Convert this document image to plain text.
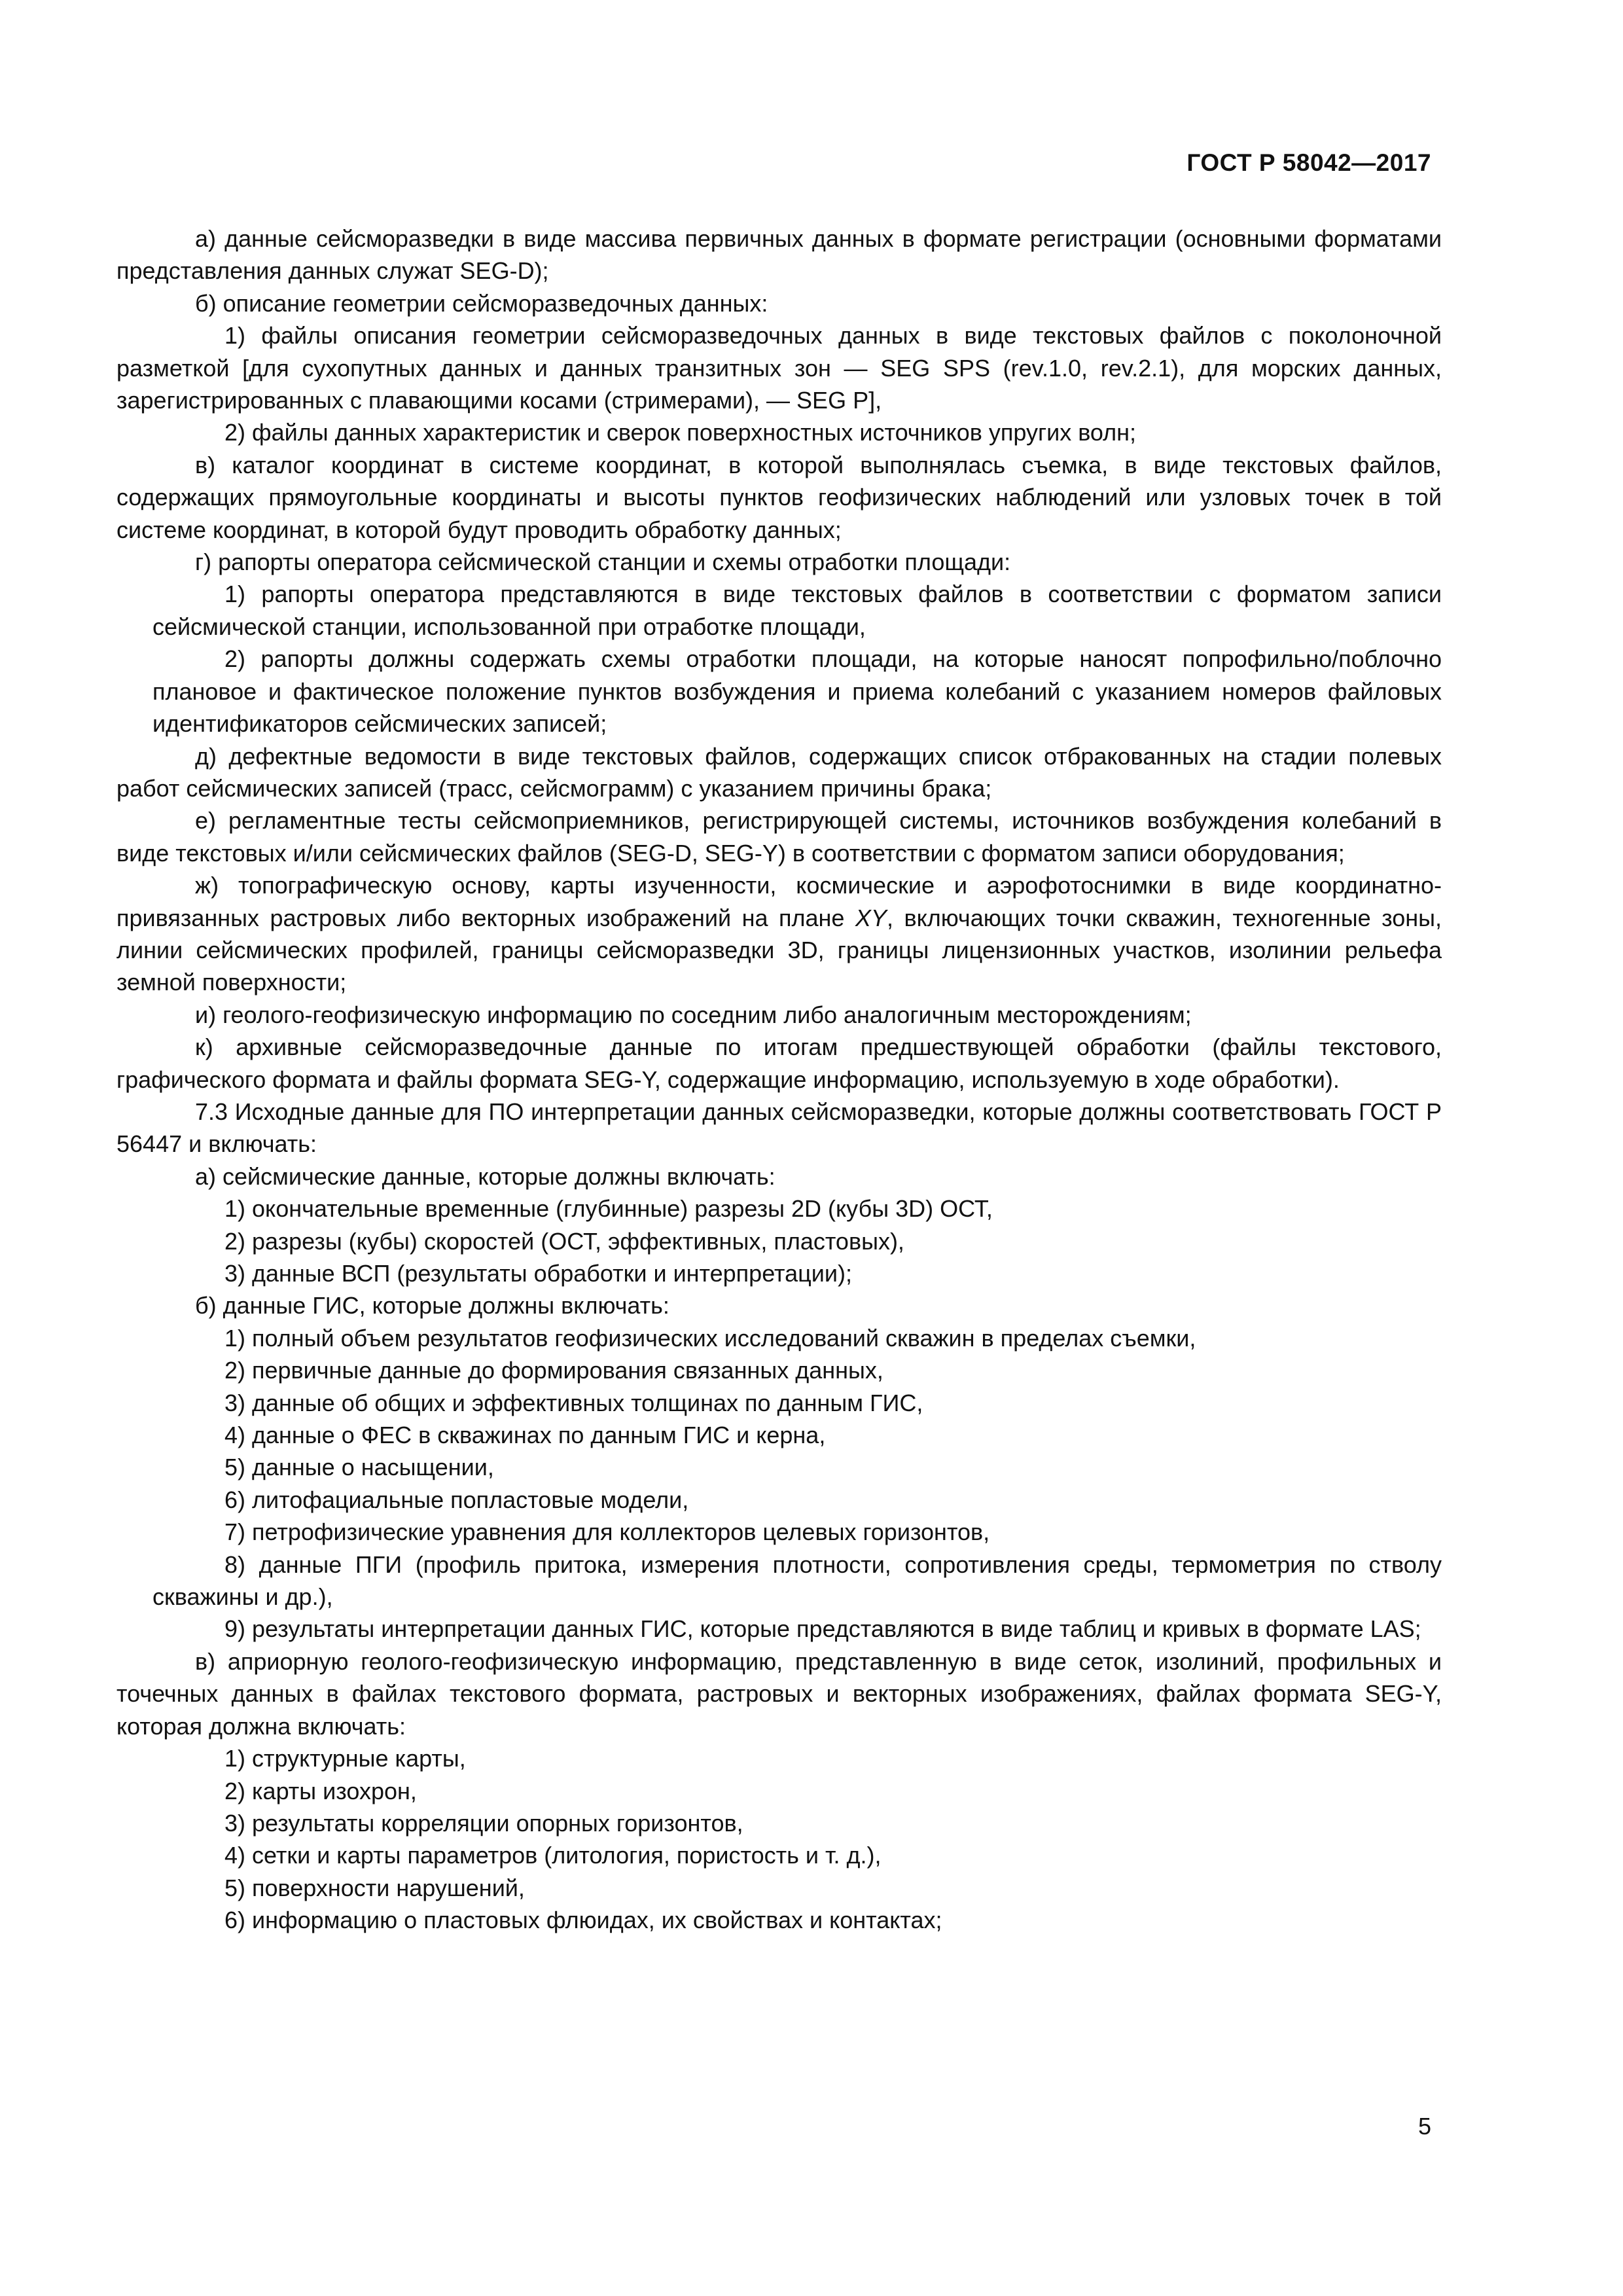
ГОСТ Р 58042—2017

а) данные сейсморазведки в виде массива первичных данных в формате регистрации (основными форматами представления данных служат SEG-D);

б) описание геометрии сейсморазведочных данных:

1) файлы описания геометрии сейсморазведочных данных в виде текстовых файлов с поколоночной разметкой [для сухопутных данных и данных транзитных зон — SEG SPS (rev.1.0, rev.2.1), для морских данных, зарегистрированных с плавающими косами (стримерами), — SEG P],

2) файлы данных характеристик и сверок поверхностных источников упругих волн;

в) каталог координат в системе координат, в которой выполнялась съемка, в виде текстовых файлов, содержащих прямоугольные координаты и высоты пунктов геофизических наблюдений или узловых точек в той системе координат, в которой будут проводить обработку данных;

г) рапорты оператора сейсмической станции и схемы отработки площади:

1) рапорты оператора представляются в виде текстовых файлов в соответствии с форматом записи сейсмической станции, использованной при отработке площади,

2) рапорты должны содержать схемы отработки площади, на которые наносят попрофильно/поблочно плановое и фактическое положение пунктов возбуждения и приема колебаний с указанием номеров файловых идентификаторов сейсмических записей;

д) дефектные ведомости в виде текстовых файлов, содержащих список отбракованных на стадии полевых работ сейсмических записей (трасс, сейсмограмм) с указанием причины брака;

е) регламентные тесты сейсмоприемников, регистрирующей системы, источников возбуждения колебаний в виде текстовых и/или сейсмических файлов (SEG-D, SEG-Y) в соответствии с форматом записи оборудования;

ж) топографическую основу, карты изученности, космические и аэрофотоснимки в виде координатно-привязанных растровых либо векторных изображений на плане XY, включающих точки скважин, техногенные зоны, линии сейсмических профилей, границы сейсморазведки 3D, границы лицензионных участков, изолинии рельефа земной поверхности;

и) геолого-геофизическую информацию по соседним либо аналогичным месторождениям;

к) архивные сейсморазведочные данные по итогам предшествующей обработки (файлы текстового, графического формата и файлы формата SEG-Y, содержащие информацию, используемую в ходе обработки).

7.3 Исходные данные для ПО интерпретации данных сейсморазведки, которые должны соответствовать ГОСТ Р 56447 и включать:

а) сейсмические данные, которые должны включать:

1) окончательные временные (глубинные) разрезы 2D (кубы 3D) ОСТ,

2) разрезы (кубы) скоростей (ОСТ, эффективных, пластовых),

3) данные ВСП (результаты обработки и интерпретации);

б) данные ГИС, которые должны включать:

1) полный объем результатов геофизических исследований скважин в пределах съемки,

2) первичные данные до формирования связанных данных,

3) данные об общих и эффективных толщинах по данным ГИС,

4) данные о ФЕС в скважинах по данным ГИС и керна,

5) данные о насыщении,

6) литофациальные попластовые модели,

7) петрофизические уравнения для коллекторов целевых горизонтов,

8) данные ПГИ (профиль притока, измерения плотности, сопротивления среды, термометрия по стволу скважины и др.),

9) результаты интерпретации данных ГИС, которые представляются в виде таблиц и кривых в формате LAS;

в) априорную геолого-геофизическую информацию, представленную в виде сеток, изолиний, профильных и точечных данных в файлах текстового формата, растровых и векторных изображениях, файлах формата SEG-Y, которая должна включать:

1) структурные карты,

2) карты изохрон,

3) результаты корреляции опорных горизонтов,

4) сетки и карты параметров (литология, пористость и т. д.),

5) поверхности нарушений,

6) информацию о пластовых флюидах, их свойствах и контактах;

5
